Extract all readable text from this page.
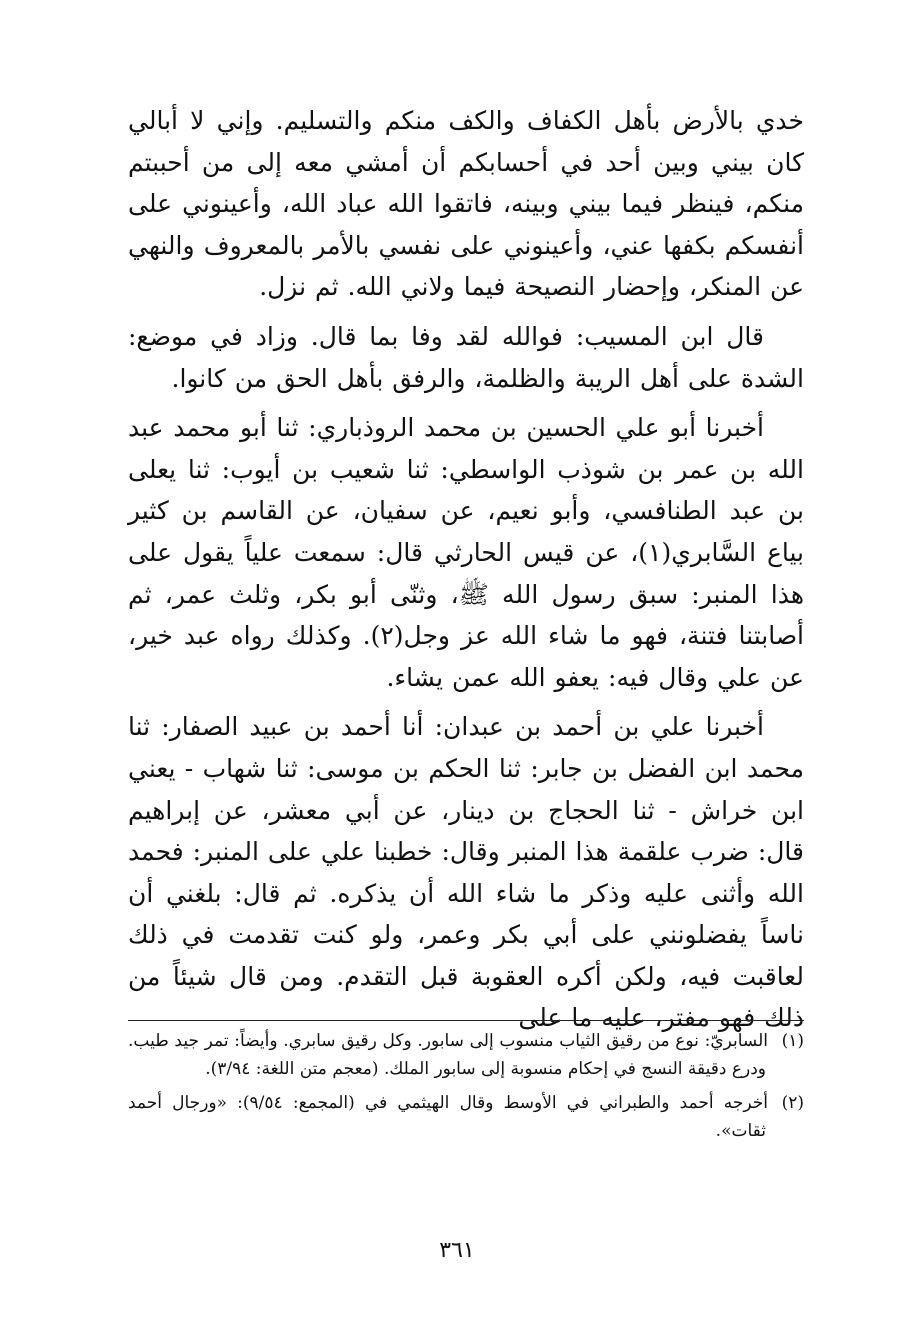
خدي بالأرض بأهل الكفاف والكف منكم والتسليم. وإني لا أبالي كان بيني وبين أحد في أحسابكم أن أمشي معه إلى من أحببتم منكم، فينظر فيما بيني وبينه، فاتقوا الله عباد الله، وأعينوني على أنفسكم بكفها عني، وأعينوني على نفسي بالأمر بالمعروف والنهي عن المنكر، وإحضار النصيحة فيما ولاني الله. ثم نزل.

قال ابن المسيب: فوالله لقد وفا بما قال. وزاد في موضع: الشدة على أهل الريبة والظلمة، والرفق بأهل الحق من كانوا.

أخبرنا أبو علي الحسين بن محمد الروذباري: ثنا أبو محمد عبد الله بن عمر بن شوذب الواسطي: ثنا شعيب بن أيوب: ثنا يعلى بن عبد الطنافسي، وأبو نعيم، عن سفيان، عن القاسم بن كثير بياع السَّابري(١)، عن قيس الحارثي قال: سمعت علياً يقول على هذا المنبر: سبق رسول الله ﷺ، وثنّى أبو بكر، وثلث عمر، ثم أصابتنا فتنة، فهو ما شاء الله عز وجل(٢). وكذلك رواه عبد خير، عن علي وقال فيه: يعفو الله عمن يشاء.

أخبرنا علي بن أحمد بن عبدان: أنا أحمد بن عبيد الصفار: ثنا محمد ابن الفضل بن جابر: ثنا الحكم بن موسى: ثنا شهاب - يعني ابن خراش - ثنا الحجاج بن دينار، عن أبي معشر، عن إبراهيم قال: ضرب علقمة هذا المنبر وقال: خطبنا علي على المنبر: فحمد الله وأثنى عليه وذكر ما شاء الله أن يذكره. ثم قال: بلغني أن ناساً يفضلونني على أبي بكر وعمر، ولو كنت تقدمت في ذلك لعاقبت فيه، ولكن أكره العقوبة قبل التقدم. ومن قال شيئاً من ذلك فهو مفتر، عليه ما على

(١)السابريّ: نوع من رقيق الثياب منسوب إلى سابور. وكل رقيق سابري. وأيضاً: تمر جيد طيب. ودرع دقيقة النسج في إحكام منسوبة إلى سابور الملك. (معجم متن اللغة: ٣/٩٤).

(٢)أخرجه أحمد والطبراني في الأوسط وقال الهيثمي في (المجمع: ٩/٥٤): «ورجال أحمد ثقات».

٣٦١
